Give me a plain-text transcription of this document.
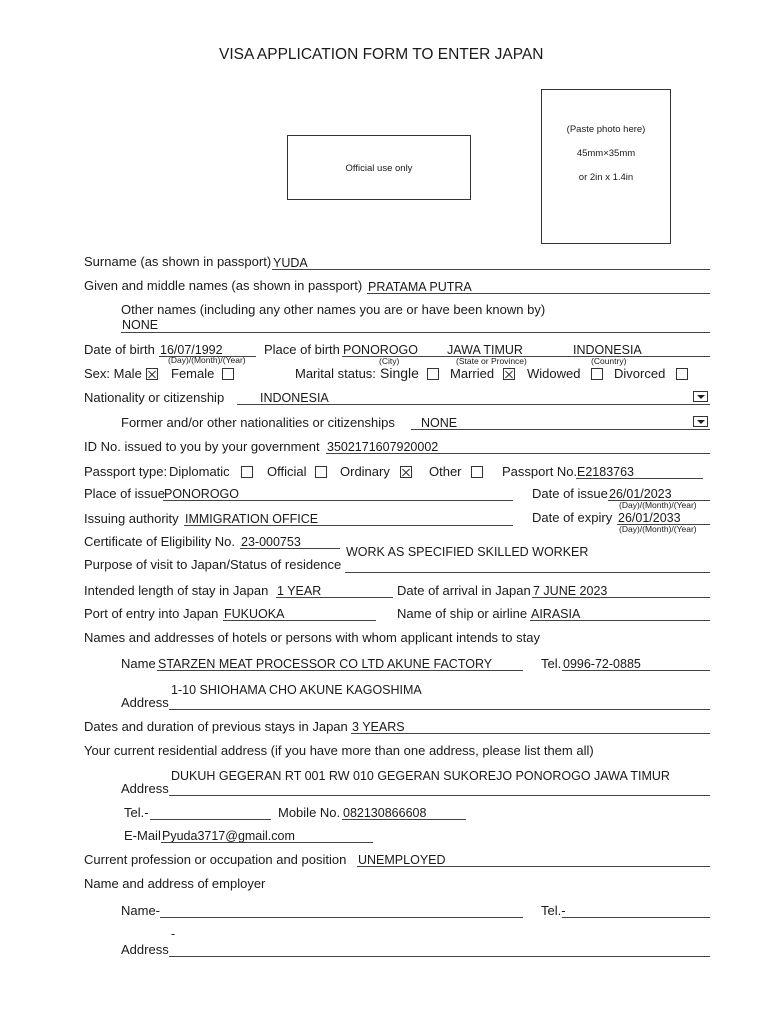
VISA APPLICATION FORM TO ENTER JAPAN
Official use only
(Paste photo here)
45mm×35mm
or 2in x 1.4in
Surname (as shown in passport) YUDA
Given and middle names (as shown in passport) PRATAMA PUTRA
Other names (including any other names you are or have been known by)
NONE
Date of birth 16/07/1992
(Day)/(Month)/(Year)
Place of birth PONOROGO JAWA TIMUR	INDONESIA
(City)	(State or Province)	(Country)
Sex: Male Female	Marital status: Single Married	Widowed	Divorced
Nationality or citizenship	INDONESIA
Former and/or other nationalities or citizenships NONE
ID No. issued to you by your government 3502171607920002
Passport type: Diplomatic	Official	Ordinary	Other	Passport No. E2183763
Place of issue PONOROGO	Date of issue 26/01/2023
(Day)/(Month)/(Year)
Issuing authority IMMIGRATION OFFICE	Date of expiry 26/01/2033
(Day)/(Month)/(Year)
Certificate of Eligibility No. 23-000753
WORK AS SPECIFIED SKILLED WORKER
Purpose of visit to Japan/Status of residence
Intended length of stay in Japan 1 YEAR	Date of arrival in Japan 7 JUNE 2023
Port of entry into Japan FUKUOKA	Name of ship or airline AIRASIA
Names and addresses of hotels or persons with whom applicant intends to stay
Name STARZEN MEAT PROCESSOR CO LTD AKUNE FACTORY	Tel. 0996-72-0885
1-10 SHIOHAMA CHO AKUNE KAGOSHIMA
Address
Dates and duration of previous stays in Japan 3 YEARS
Your current residential address (if you have more than one address, please list them all)
DUKUH GEGERAN RT 001 RW 010 GEGERAN SUKOREJO PONOROGO JAWA TIMUR
Address
Tel.-	Mobile No. 082130866608
E-Mail Pyuda3717@gmail.com
Current profession or occupation and position UNEMPLOYED
Name and address of employer
Name-	Tel.-
-
Address
